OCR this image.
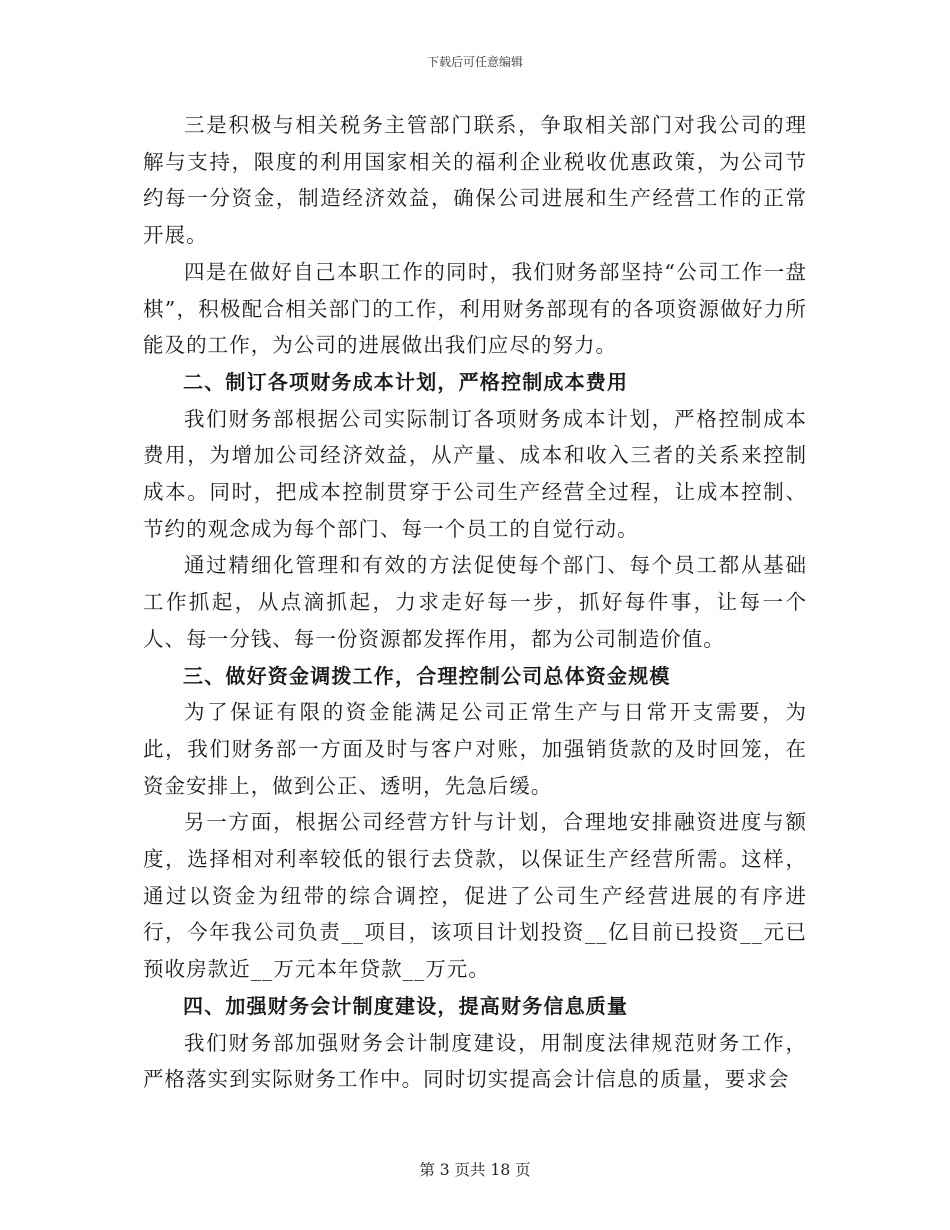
下载后可任意编辑

三是积极与相关税务主管部门联系，争取相关部门对我公司的理解与支持，限度的利用国家相关的福利企业税收优惠政策，为公司节约每一分资金，制造经济效益，确保公司进展和生产经营工作的正常开展。

四是在做好自己本职工作的同时，我们财务部坚持“公司工作一盘棋”，积极配合相关部门的工作，利用财务部现有的各项资源做好力所能及的工作，为公司的进展做出我们应尽的努力。

二、制订各项财务成本计划，严格控制成本费用

我们财务部根据公司实际制订各项财务成本计划，严格控制成本费用，为增加公司经济效益，从产量、成本和收入三者的关系来控制成本。同时，把成本控制贯穿于公司生产经营全过程，让成本控制、节约的观念成为每个部门、每一个员工的自觉行动。

通过精细化管理和有效的方法促使每个部门、每个员工都从基础工作抓起，从点滴抓起，力求走好每一步，抓好每件事，让每一个人、每一分钱、每一份资源都发挥作用，都为公司制造价值。

三、做好资金调拨工作，合理控制公司总体资金规模

为了保证有限的资金能满足公司正常生产与日常开支需要，为此，我们财务部一方面及时与客户对账，加强销货款的及时回笼，在资金安排上，做到公正、透明，先急后缓。

另一方面，根据公司经营方针与计划，合理地安排融资进度与额度，选择相对利率较低的银行去贷款，以保证生产经营所需。这样，通过以资金为纽带的综合调控，促进了公司生产经营进展的有序进行，今年我公司负责__项目，该项目计划投资__亿目前已投资__元已预收房款近__万元本年贷款__万元。

四、加强财务会计制度建设，提高财务信息质量

我们财务部加强财务会计制度建设，用制度法律规范财务工作，严格落实到实际财务工作中。同时切实提高会计信息的质量，要求会

第 3 页共 18 页
